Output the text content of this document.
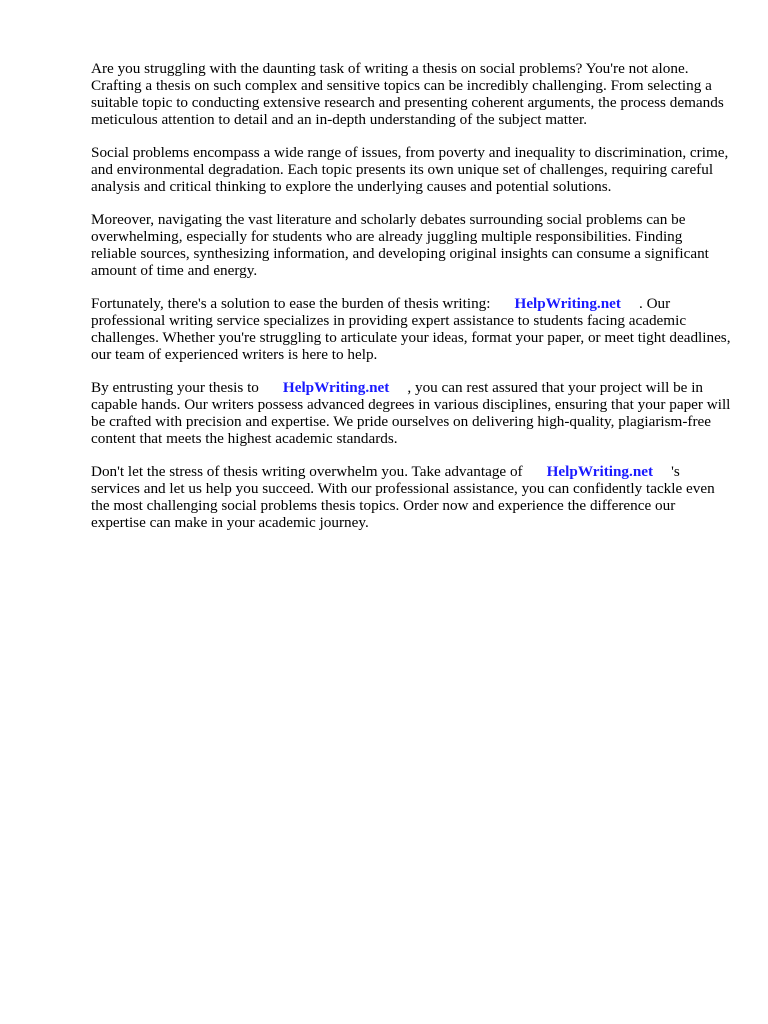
Are you struggling with the daunting task of writing a thesis on social problems? You're not alone. Crafting a thesis on such complex and sensitive topics can be incredibly challenging. From selecting a suitable topic to conducting extensive research and presenting coherent arguments, the process demands meticulous attention to detail and an in-depth understanding of the subject matter.

Social problems encompass a wide range of issues, from poverty and inequality to discrimination, crime, and environmental degradation. Each topic presents its own unique set of challenges, requiring careful analysis and critical thinking to explore the underlying causes and potential solutions.

Moreover, navigating the vast literature and scholarly debates surrounding social problems can be overwhelming, especially for students who are already juggling multiple responsibilities. Finding reliable sources, synthesizing information, and developing original insights can consume a significant amount of time and energy.

Fortunately, there's a solution to ease the burden of thesis writing: HelpWriting.net . Our professional writing service specializes in providing expert assistance to students facing academic challenges. Whether you're struggling to articulate your ideas, format your paper, or meet tight deadlines, our team of experienced writers is here to help.

By entrusting your thesis to HelpWriting.net , you can rest assured that your project will be in capable hands. Our writers possess advanced degrees in various disciplines, ensuring that your paper will be crafted with precision and expertise. We pride ourselves on delivering high-quality, plagiarism-free content that meets the highest academic standards.

Don't let the stress of thesis writing overwhelm you. Take advantage of HelpWriting.net 's services and let us help you succeed. With our professional assistance, you can confidently tackle even the most challenging social problems thesis topics. Order now and experience the difference our expertise can make in your academic journey.
